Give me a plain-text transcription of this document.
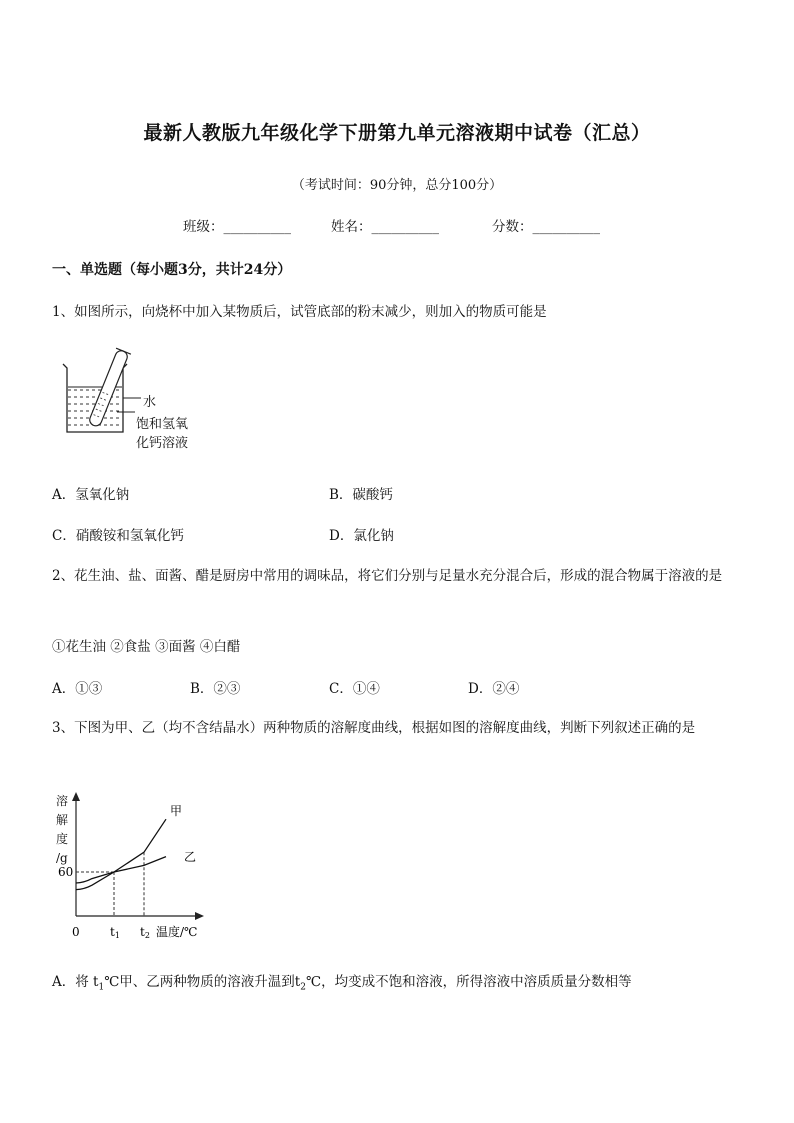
最新人教版九年级化学下册第九单元溶液期中试卷（汇总）
（考试时间：90分钟，总分100分）
班级：__________	姓名：__________	分数：__________
一、单选题（每小题3分，共计24分）
1、如图所示，向烧杯中加入某物质后，试管底部的粉末减少，则加入的物质可能是
水
饱和氢氧
化钙溶液
A．氢氧化钠	B．碳酸钙
C．硝酸铵和氢氧化钙	D．氯化钠
2、花生油、盐、面酱、醋是厨房中常用的调味品，将它们分别与足量水充分混合后，形成的混合物属于溶液的是
①花生油 ②食盐 ③面酱 ④白醋
A．①③	B．②③	C．①④	D．②④
3、下图为甲、乙（均不含结晶水）两种物质的溶解度曲线，根据如图的溶解度曲线，判断下列叙述正确的是
甲
乙
60
0	t1 t2 温度/℃
溶
解
度
/g
A．将 $t_1℃$甲、乙两种物质的溶液升温到$t_2℃$，均变成不饱和溶液，所得溶液中溶质质量分数相等
